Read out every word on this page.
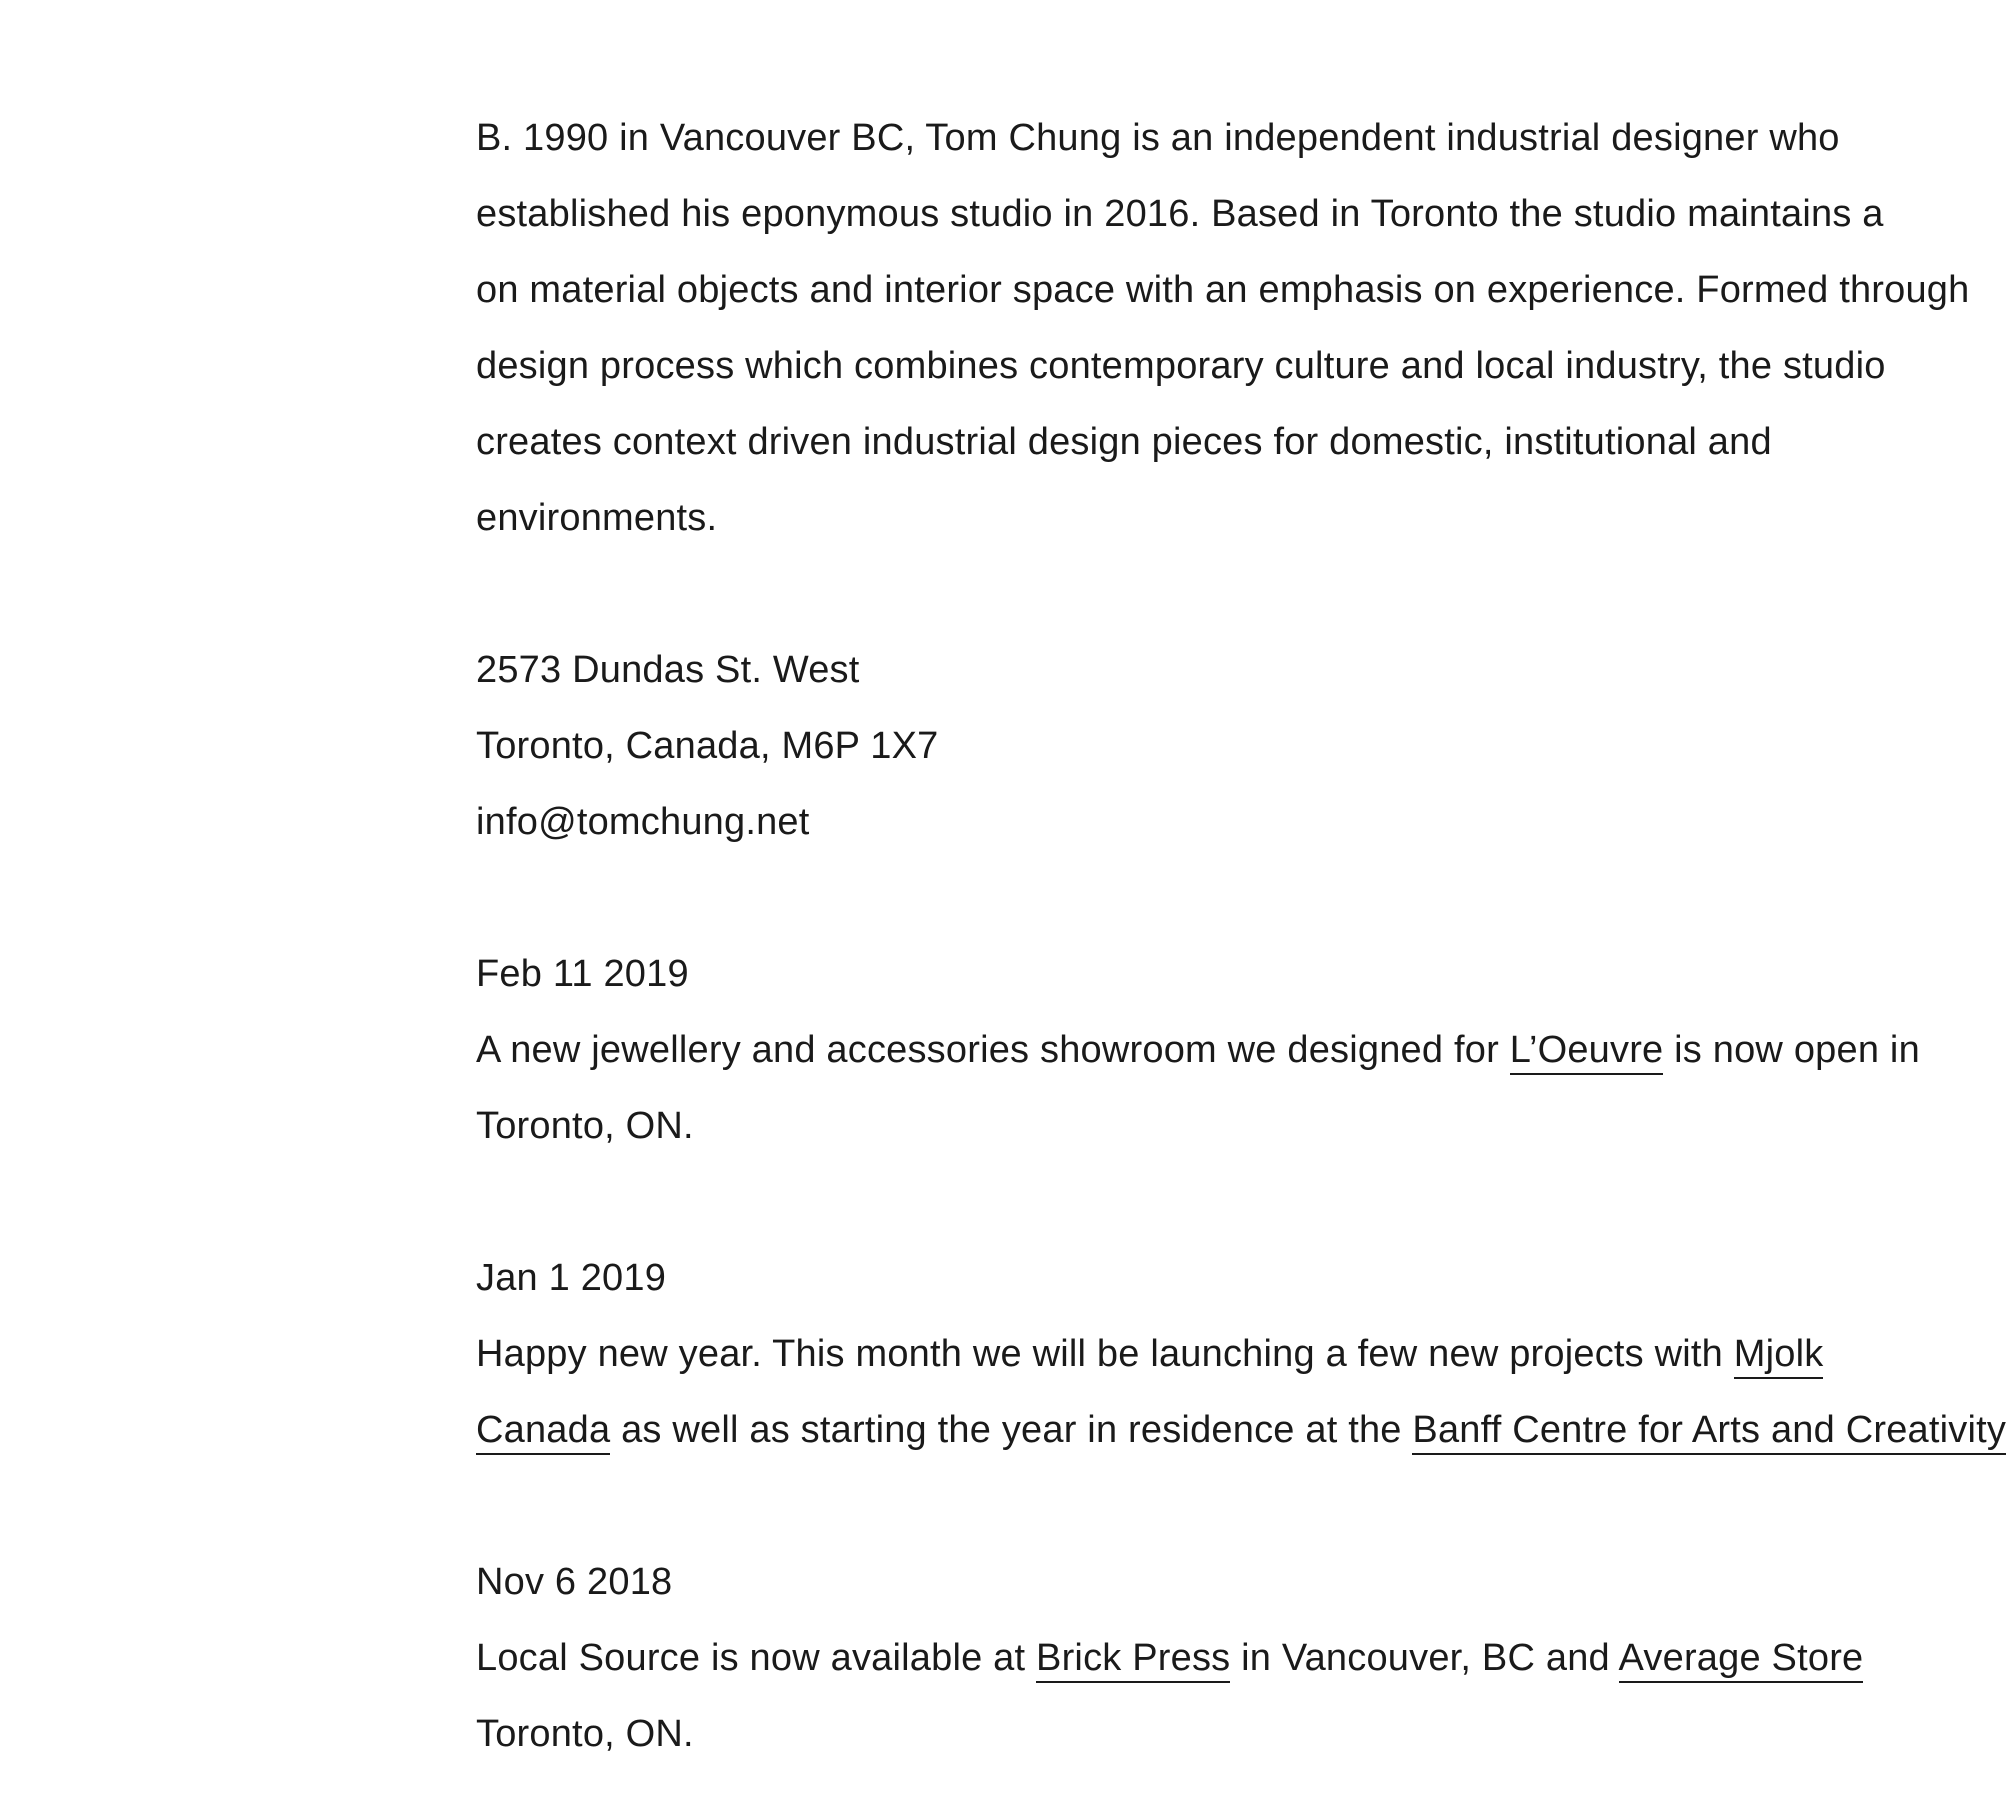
B. 1990 in Vancouver BC, Tom Chung is an independent industrial designer who
established his eponymous studio in 2016. Based in Toronto the studio maintains a
on material objects and interior space with an emphasis on experience. Formed through
design process which combines contemporary culture and local industry, the studio
creates context driven industrial design pieces for domestic, institutional and
environments.
2573 Dundas St. West
Toronto, Canada, M6P 1X7
info@tomchung.net
Feb 11 2019
A new jewellery and accessories showroom we designed for L’Oeuvre is now open in
Toronto, ON.
Jan 1 2019
Happy new year. This month we will be launching a few new projects with Mjolk
Canada as well as starting the year in residence at the Banff Centre for Arts and Creativity
Nov 6 2018
Local Source is now available at Brick Press in Vancouver, BC and Average Store
Toronto, ON.
